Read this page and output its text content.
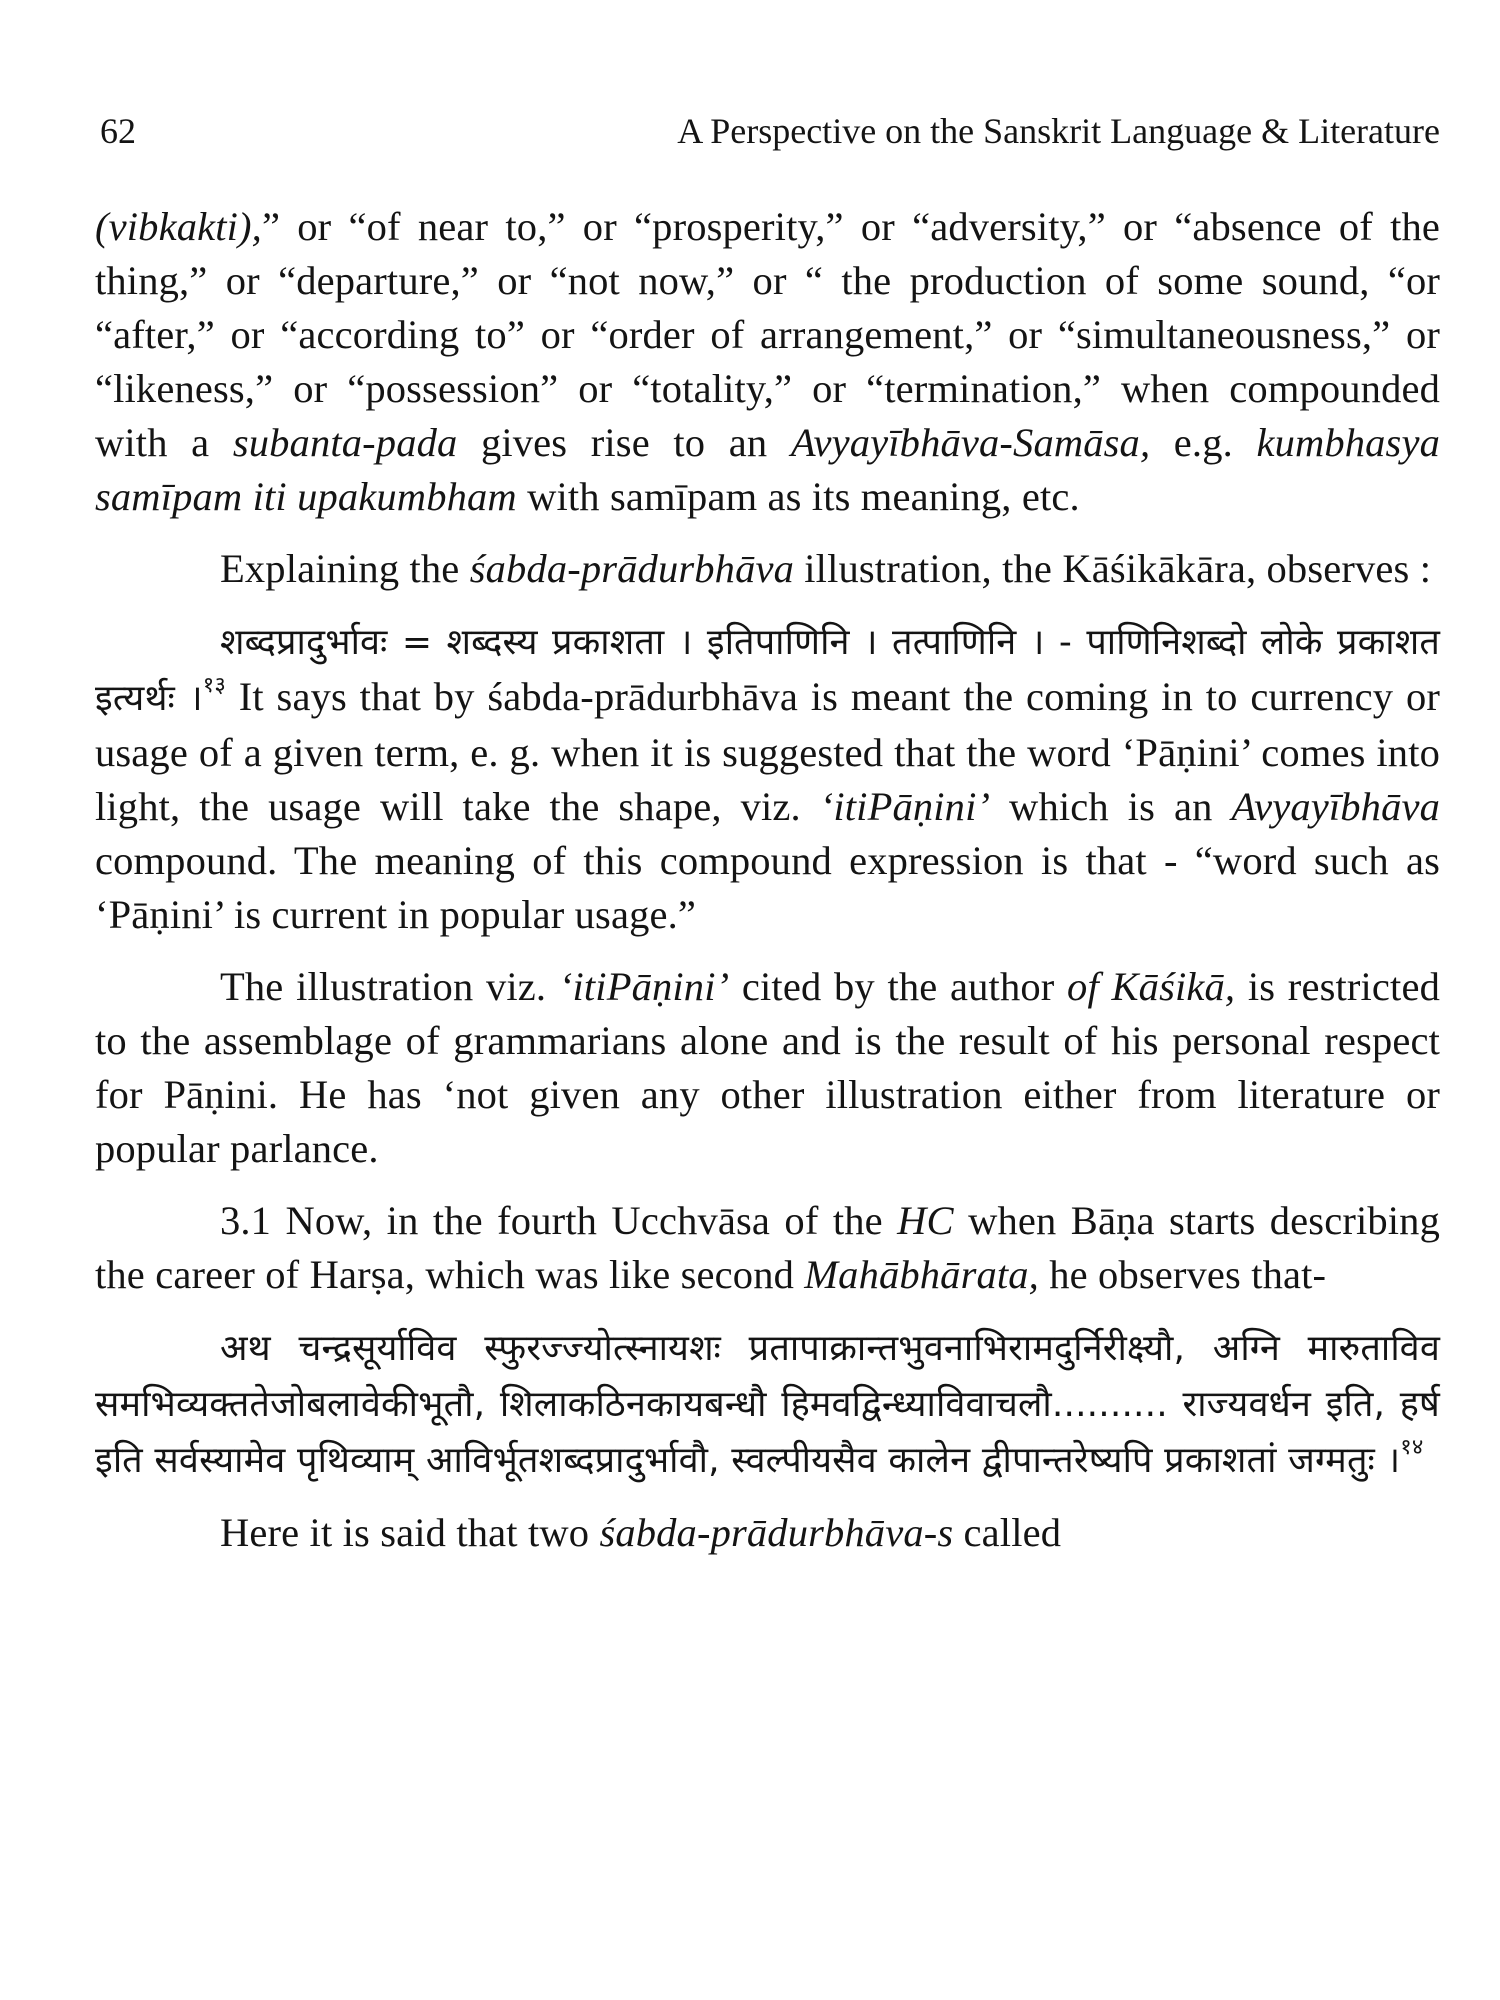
62	A Perspective on the Sanskrit Language & Literature

(vibkakti),” or “of near to,” or “prosperity,” or “adversity,” or “absence of the thing,” or “departure,” or “not now,” or “ the production of some sound, “or “after,” or “according to” or “order of arrangement,” or “simultaneousness,” or “likeness,” or “possession” or “totality,” or “termination,” when compounded with a subanta-pada gives rise to an Avyayībhāva-Samāsa, e.g. kumbhasya samīpam iti upakumbham with samīpam as its meaning, etc.

Explaining the śabda-prādurbhāva illustration, the Kāśikākāra, observes :

शब्दप्रादुर्भावः = शब्दस्य प्रकाशता । इतिपाणिनि । तत्पाणिनि । - पाणिनिशब्दो लोके प्रकाशत इत्यर्थः ।$^{१३}$ It says that by śabda-prādurbhāva is meant the coming in to currency or usage of a given term, e. g. when it is suggested that the word ‘Pāṇini’ comes into light, the usage will take the shape, viz. ‘itiPāṇini’ which is an Avyayībhāva compound. The meaning of this compound expression is that - “word such as ‘Pāṇini’ is current in popular usage.”

The illustration viz. ‘itiPāṇini’ cited by the author of Kāśikā, is restricted to the assemblage of grammarians alone and is the result of his personal respect for Pāṇini. He has ‘not given any other illustration either from literature or popular parlance.

3.1 Now, in the fourth Ucchvāsa of the HC when Bāṇa starts describing the career of Harṣa, which was like second Mahābhārata, he observes that-

अथ चन्द्रसूर्याविव स्फुरज्ज्योत्स्नायशः प्रतापाक्रान्तभुवनाभिरामदुर्निरीक्ष्यौ, अग्नि मारुताविव समभिव्यक्ततेजोबलावेकीभूतौ, शिलाकठिनकायबन्धौ हिमवद्विन्ध्याविवाचलौ.......... राज्यवर्धन इति, हर्ष इति सर्वस्यामेव पृथिव्याम् आविर्भूतशब्दप्रादुर्भावौ, स्वल्पीयसैव कालेन द्वीपान्तरेष्यपि प्रकाशतां जग्मतुः ।$^{१४}$

Here it is said that two śabda-prādurbhāva-s called
